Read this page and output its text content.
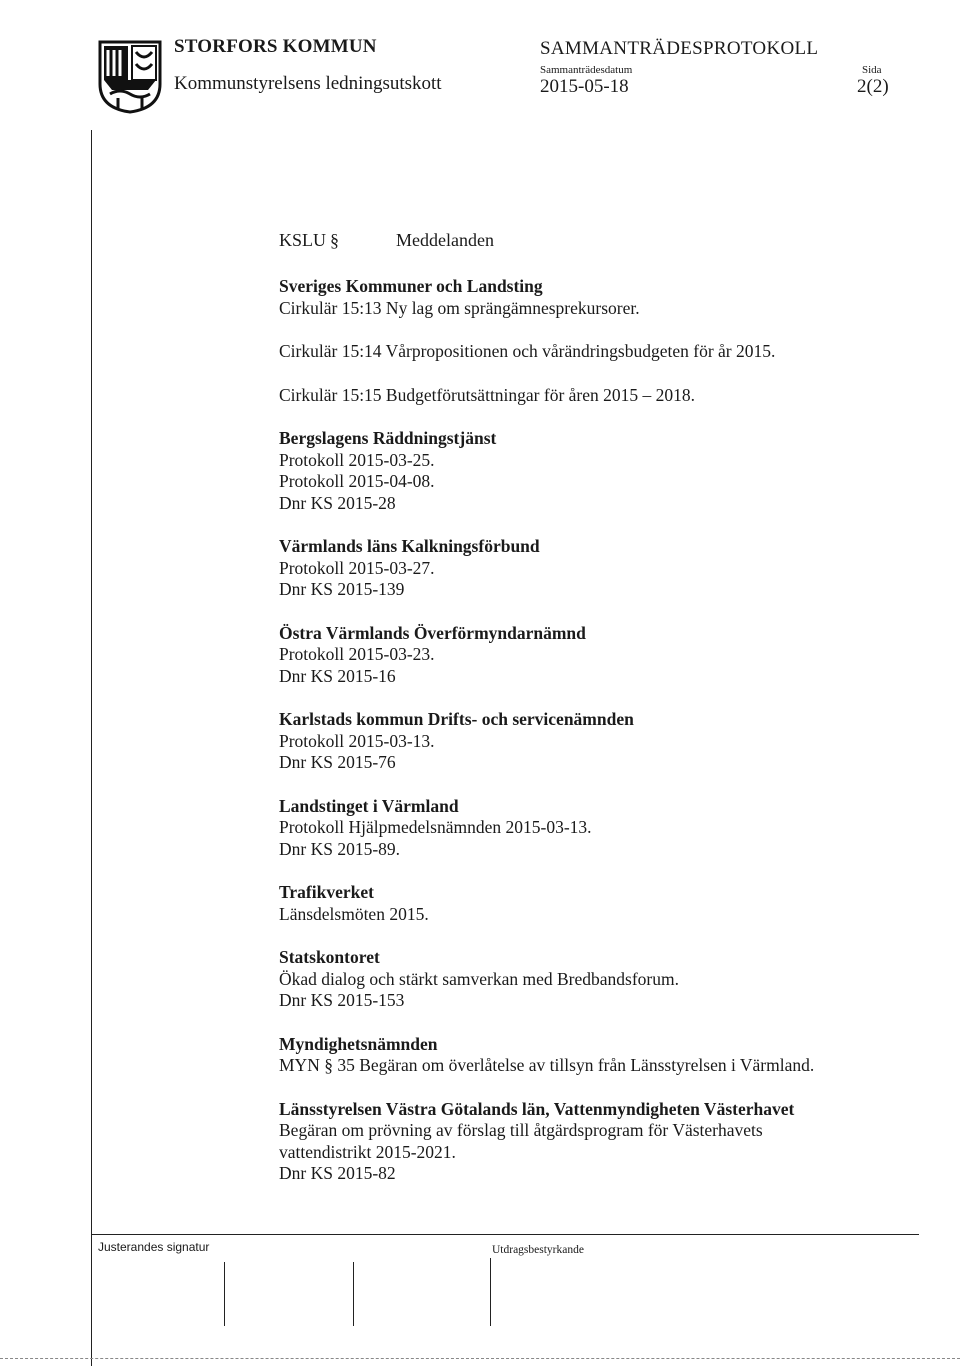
STORFORS KOMMUN
Kommunstyrelsens ledningsutskott
SAMMANTRÄDESPROTOKOLL
Sammanträdesdatum
2015-05-18
Sida
2(2)
KSLU §	Meddelanden
Sveriges Kommuner och Landsting
Cirkulär 15:13 Ny lag om sprängämnesprekursorer.
Cirkulär 15:14 Vårpropositionen och vårändringsbudgeten för år 2015.
Cirkulär 15:15 Budgetförutsättningar för åren 2015 – 2018.
Bergslagens Räddningstjänst
Protokoll 2015-03-25.
Protokoll 2015-04-08.
Dnr KS 2015-28
Värmlands läns Kalkningsförbund
Protokoll 2015-03-27.
Dnr KS 2015-139
Östra Värmlands Överförmyndarnämnd
Protokoll 2015-03-23.
Dnr KS 2015-16
Karlstads kommun Drifts- och servicenämnden
Protokoll 2015-03-13.
Dnr KS 2015-76
Landstinget i Värmland
Protokoll Hjälpmedelsnämnden 2015-03-13.
Dnr KS 2015-89.
Trafikverket
Länsdelsmöten 2015.
Statskontoret
Ökad dialog och stärkt samverkan med Bredbandsforum.
Dnr KS 2015-153
Myndighetsnämnden
MYN § 35 Begäran om överlåtelse av tillsyn från Länsstyrelsen i Värmland.
Länsstyrelsen Västra Götalands län, Vattenmyndigheten Västerhavet
Begäran om prövning av förslag till åtgärdsprogram för Västerhavets
vattendistrikt 2015-2021.
Dnr KS 2015-82
Justerandes signatur	Utdragsbestyrkande
